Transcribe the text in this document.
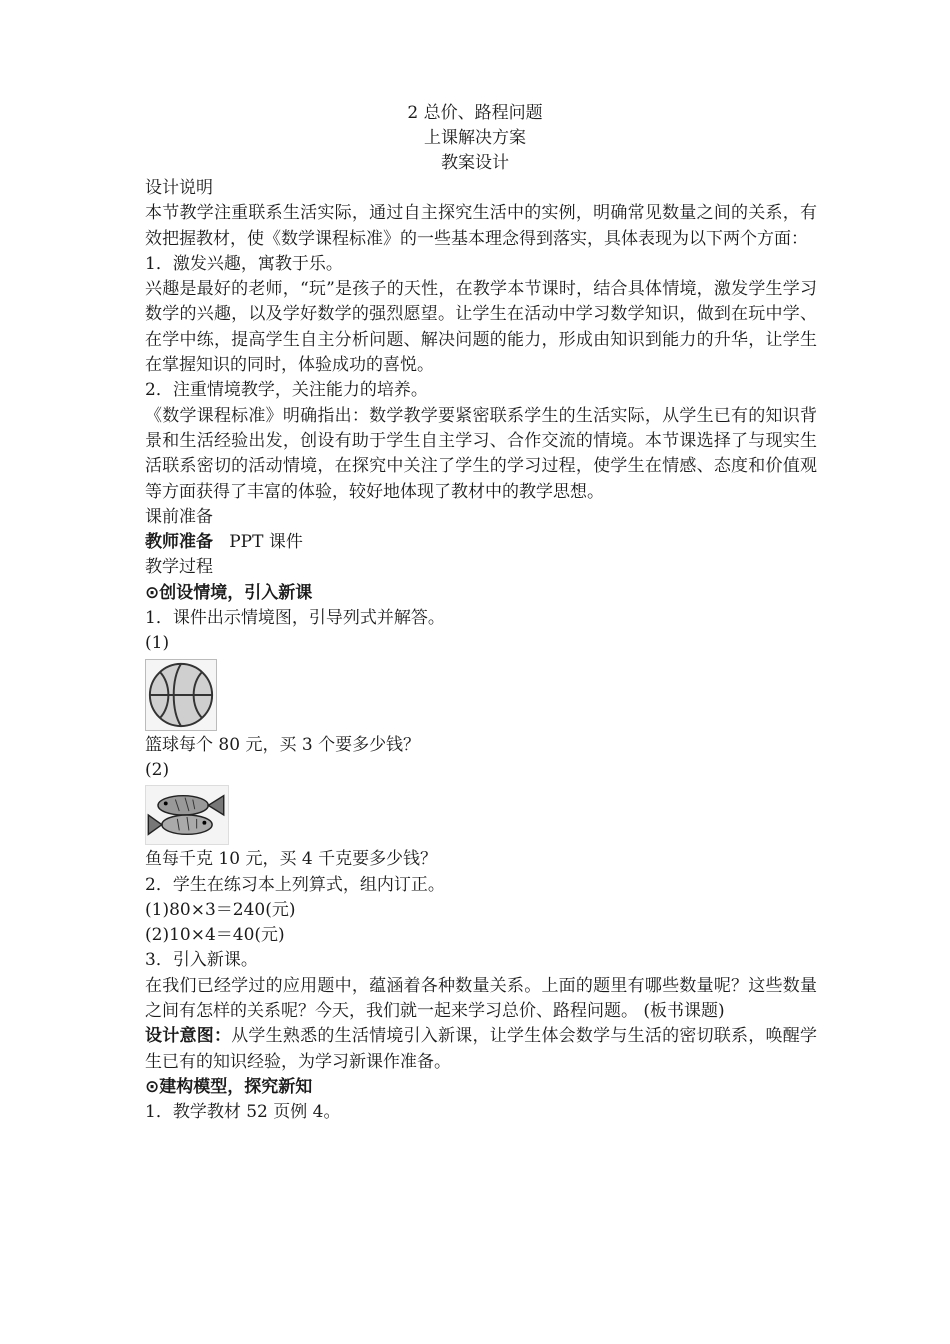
2 总价、路程问题
上课解决方案
教案设计

设计说明

本节教学注重联系生活实际，通过自主探究生活中的实例，明确常见数量之间的关系，有效把握教材，使《数学课程标准》的一些基本理念得到落实，具体表现为以下两个方面：

1．激发兴趣，寓教于乐。

兴趣是最好的老师，“玩”是孩子的天性，在教学本节课时，结合具体情境，激发学生学习数学的兴趣，以及学好数学的强烈愿望。让学生在活动中学习数学知识，做到在玩中学、在学中练，提高学生自主分析问题、解决问题的能力，形成由知识到能力的升华，让学生在掌握知识的同时，体验成功的喜悦。

2．注重情境教学，关注能力的培养。

《数学课程标准》明确指出：数学教学要紧密联系学生的生活实际，从学生已有的知识背景和生活经验出发，创设有助于学生自主学习、合作交流的情境。本节课选择了与现实生活联系密切的活动情境，在探究中关注了学生的学习过程，使学生在情感、态度和价值观等方面获得了丰富的体验，较好地体现了教材中的教学思想。

课前准备

教师准备 PPT 课件

教学过程

⊙创设情境，引入新课

1．课件出示情境图，引导列式并解答。

(1)

篮球每个 80 元，买 3 个要多少钱？

(2)

鱼每千克 10 元，买 4 千克要多少钱？

2．学生在练习本上列算式，组内订正。

(1)80×3＝240(元)

(2)10×4＝40(元)

3．引入新课。

在我们已经学过的应用题中，蕴涵着各种数量关系。上面的题里有哪些数量呢？这些数量之间有怎样的关系呢？今天，我们就一起来学习总价、路程问题。 (板书课题)

设计意图：从学生熟悉的生活情境引入新课，让学生体会数学与生活的密切联系，唤醒学生已有的知识经验，为学习新课作准备。

⊙建构模型，探究新知

1．教学教材 52 页例 4。
